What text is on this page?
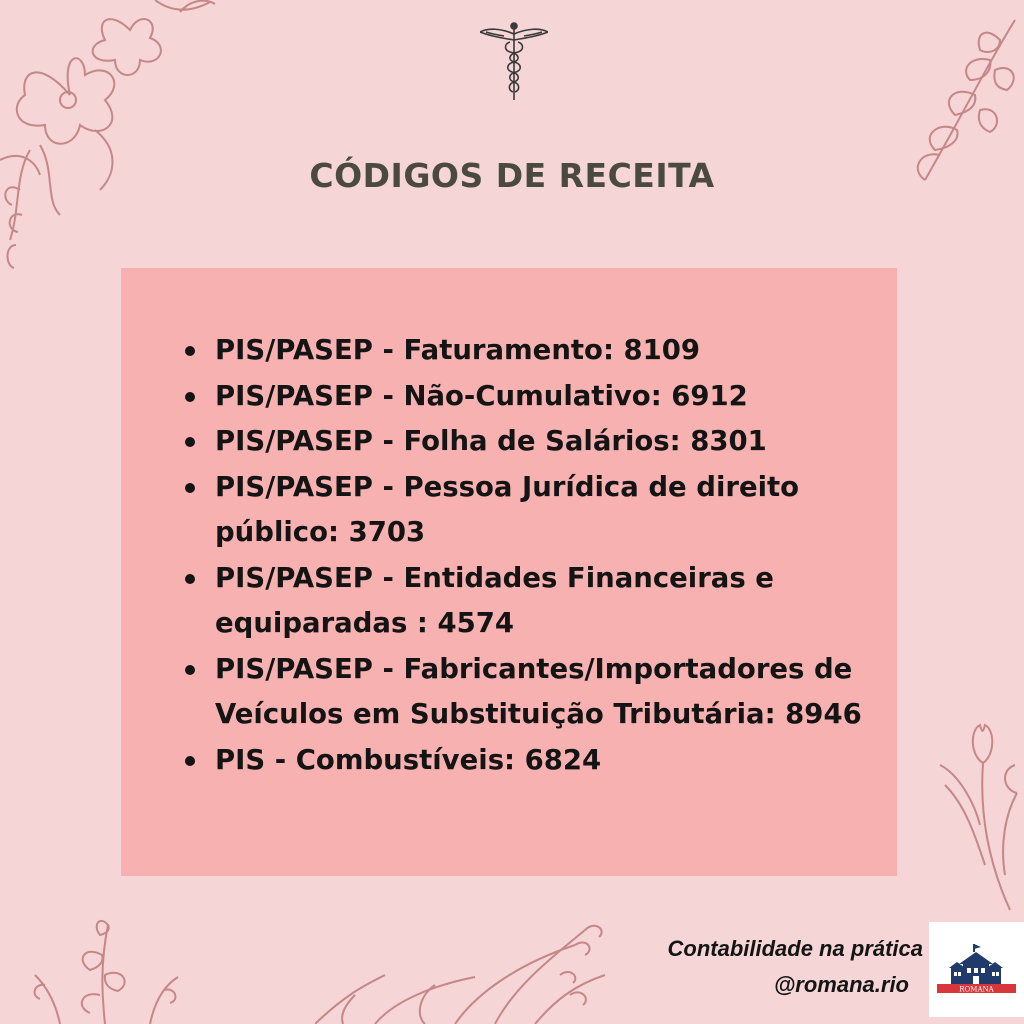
CÓDIGOS DE RECEITA
PIS/PASEP - Faturamento: 8109
PIS/PASEP - Não-Cumulativo: 6912
PIS/PASEP - Folha de Salários: 8301
PIS/PASEP - Pessoa Jurídica de direito público: 3703
PIS/PASEP - Entidades Financeiras e equiparadas : 4574
PIS/PASEP - Fabricantes/Importadores de Veículos em Substituição Tributária: 8946
PIS - Combustíveis: 6824
Contabilidade na prática
@romana.rio	ROMANA
